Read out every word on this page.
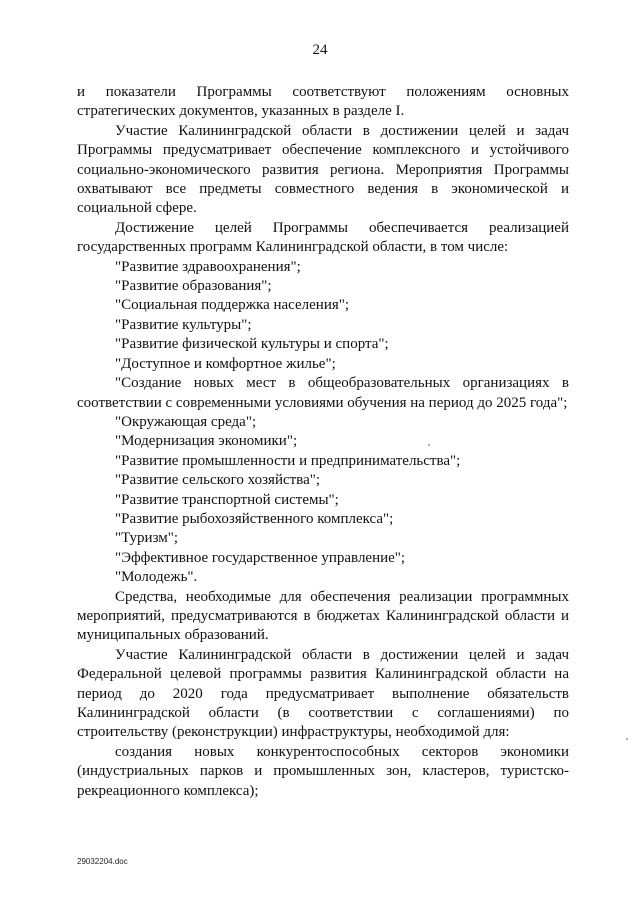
24

и показатели Программы соответствуют положениям основных стратегических документов, указанных в разделе I.

Участие Калининградской области в достижении целей и задач Программы предусматривает обеспечение комплексного и устойчивого социально-экономического развития региона. Мероприятия Программы охватывают все предметы совместного ведения в экономической и социальной сфере.

Достижение целей Программы обеспечивается реализацией государственных программ Калининградской области, в том числе:

"Развитие здравоохранения";

"Развитие образования";

"Социальная поддержка населения";

"Развитие культуры";

"Развитие физической культуры и спорта";

"Доступное и комфортное жилье";

"Создание новых мест в общеобразовательных организациях в соответствии с современными условиями обучения на период до 2025 года";

"Окружающая среда";

"Модернизация экономики";

"Развитие промышленности и предпринимательства";

"Развитие сельского хозяйства";

"Развитие транспортной системы";

"Развитие рыбохозяйственного комплекса";

"Туризм";

"Эффективное государственное управление";

"Молодежь".

Средства, необходимые для обеспечения реализации программных мероприятий, предусматриваются в бюджетах Калининградской области и муниципальных образований.

Участие Калининградской области в достижении целей и задач Федеральной целевой программы развития Калининградской области на период до 2020 года предусматривает выполнение обязательств Калининградской области (в соответствии с соглашениями) по строительству (реконструкции) инфраструктуры, необходимой для:

создания новых конкурентоспособных секторов экономики (индустриальных парков и промышленных зон, кластеров, туристско-рекреационного комплекса);

29032204.doc
